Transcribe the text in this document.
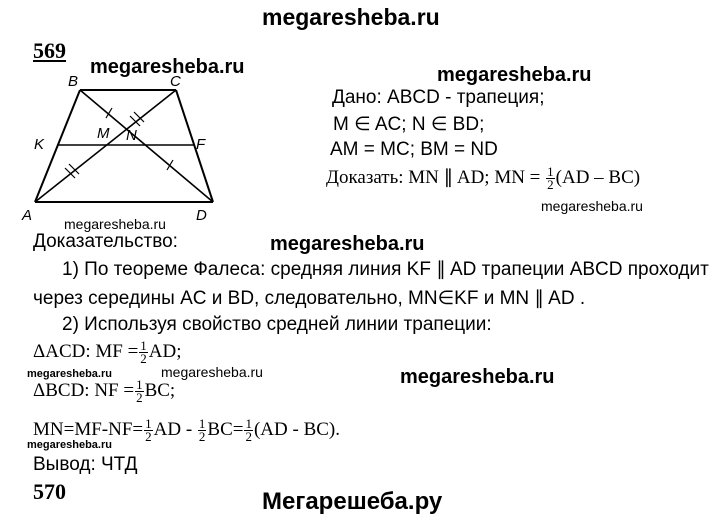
megaresheba.ru
569
megaresheba.ru	megaresheba.ru
megaresheba.ru
megaresheba.ru
megaresheba.ru
megaresheba.ru	megaresheba.ru	megaresheba.ru
megaresheba.ru
B	C
K
M N
F
A	D
Дано: ABCD - трапеция;
M ∈ AC; N ∈ BD;
AM = MC; BM = ND
Доказать: MN ∥ AD; MN = $\frac{1}{2} (AD - BC)$
Доказательство:
1) По теореме Фалеса: средняя линия KF ∥ AD трапеции ABCD проходит
через середины AC и BD, следовательно, MN∈KF и MN ∥ AD .
2) Используя свойство средней линии трапеции:
ΔACD: MF = $\frac{1}{2}$ AD;
ΔBCD: NF = $\frac{1}{2}$ BC;
$MN=MF-NF= \frac{1}{2}$ AD - $\frac{1}{2} BC= \frac{1}{2} (AD - BC)$.
Вывод: ЧТД
570	Мегарешеба.ру
